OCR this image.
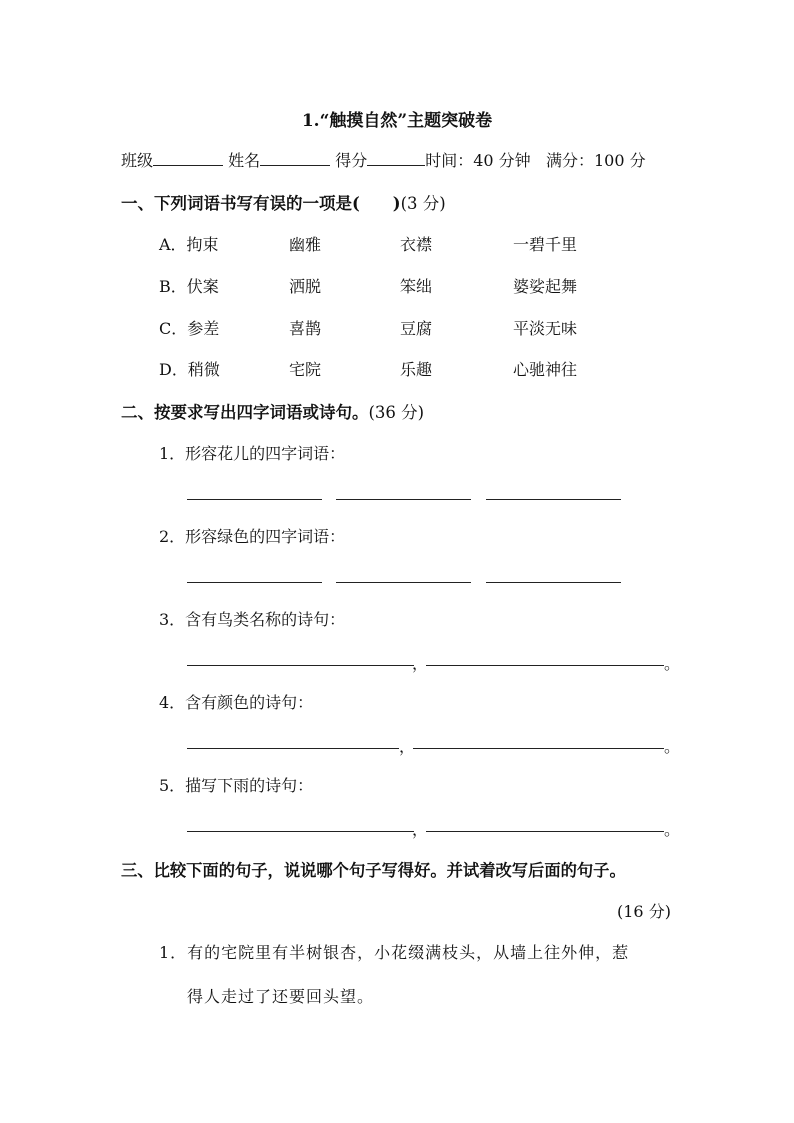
1.“触摸自然”主题突破卷
班级	姓名	得分	时间：40 分钟 满分：100 分
一、下列词语书写有误的一项是(　　)(3 分)
A．拘束	幽雅	衣襟	一碧千里
B．伏案	洒脱	笨绌	婆娑起舞
C．参差	喜鹊	豆腐	平淡无味
D．稍微	宅院	乐趣	心驰神往
二、按要求写出四字词语或诗句。(36 分)
1．形容花儿的四字词语：
2．形容绿色的四字词语：
3．含有鸟类名称的诗句：
，	。
4．含有颜色的诗句：
，	。
5．描写下雨的诗句：
，	。
三、比较下面的句子，说说哪个句子写得好。并试着改写后面的句子。
(16 分)
1．有的宅院里有半树银杏，小花缀满枝头，从墙上往外伸，惹
得人走过了还要回头望。
